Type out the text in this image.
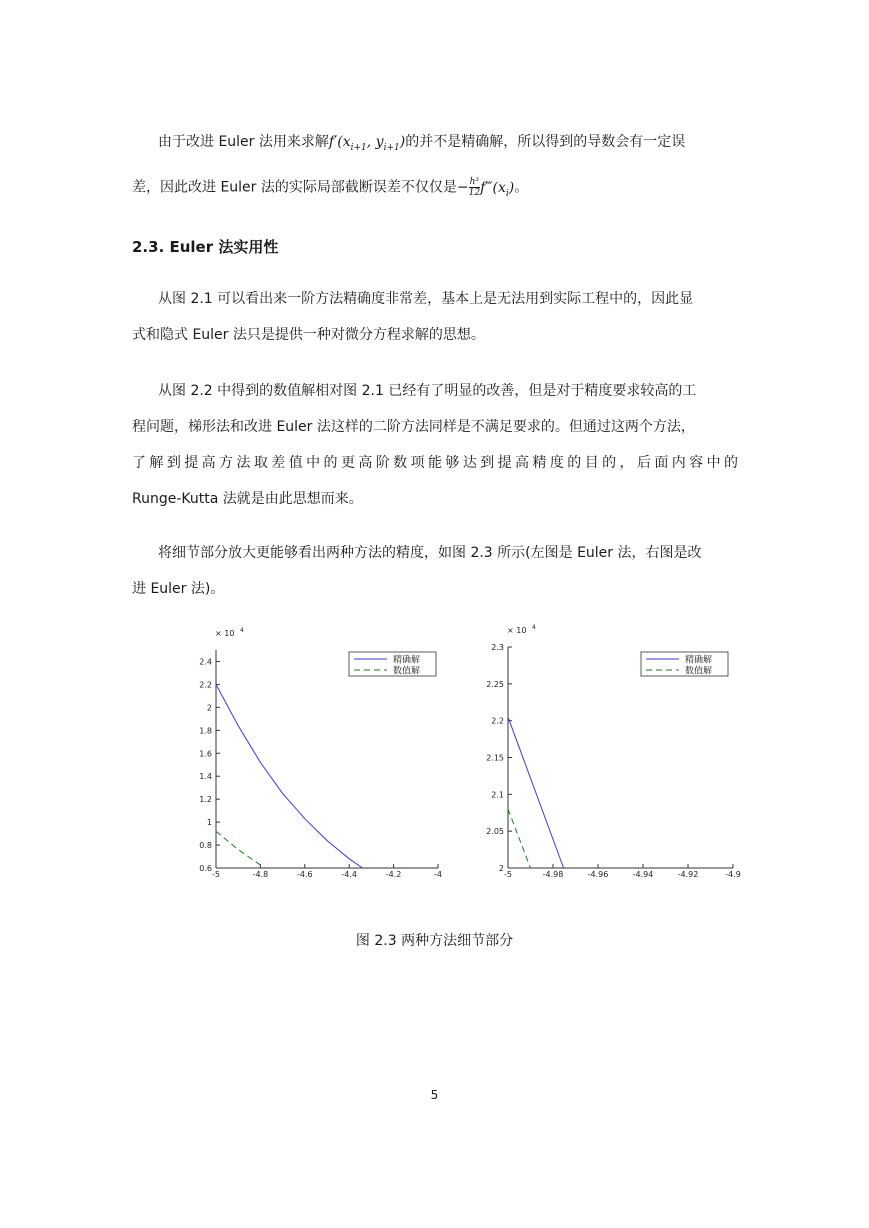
由于改进 Euler 法用来求解$f'(x_{i+1}$, $y_{i+1}$)的并不是精确解，所以得到的导数会有一定误
差，因此改进 Euler 法的实际局部截断误差不仅仅是− $\frac{\text{h³}}{12}f‴(x_i)$。
2.3. Euler 法实用性
从图 2.1 可以看出来一阶方法精确度非常差，基本上是无法用到实际工程中的，因此显
式和隐式 Euler 法只是提供一种对微分方程求解的思想。
从图 2.2 中得到的数值解相对图 2.1 已经有了明显的改善，但是对于精度要求较高的工
程问题，梯形法和改进 Euler 法这样的二阶方法同样是不满足要求的。但通过这两个方法，
了解到提高方法取差值中的更高阶数项能够达到提高精度的目的，后面内容中的
Runge-Kutta 法就是由此思想而来。
将细节部分放大更能够看出两种方法的精度，如图 2.3 所示(左图是 Euler 法，右图是改
进 Euler 法)。
-5	-4.8	-4.6	-4.4	-4.2	-4
0.6
0.8
1
1.2
1.4
1.6
1.8
2
2.2
2.4
× 10 4
精确解
数值解
-5	-4.98	-4.96	-4.94	-4.92	-4.9
2
2.05
2.1
2.15
2.2
2.25
2.3
× 10 4
精确解
数值解
图 2.3 两种方法细节部分
5
